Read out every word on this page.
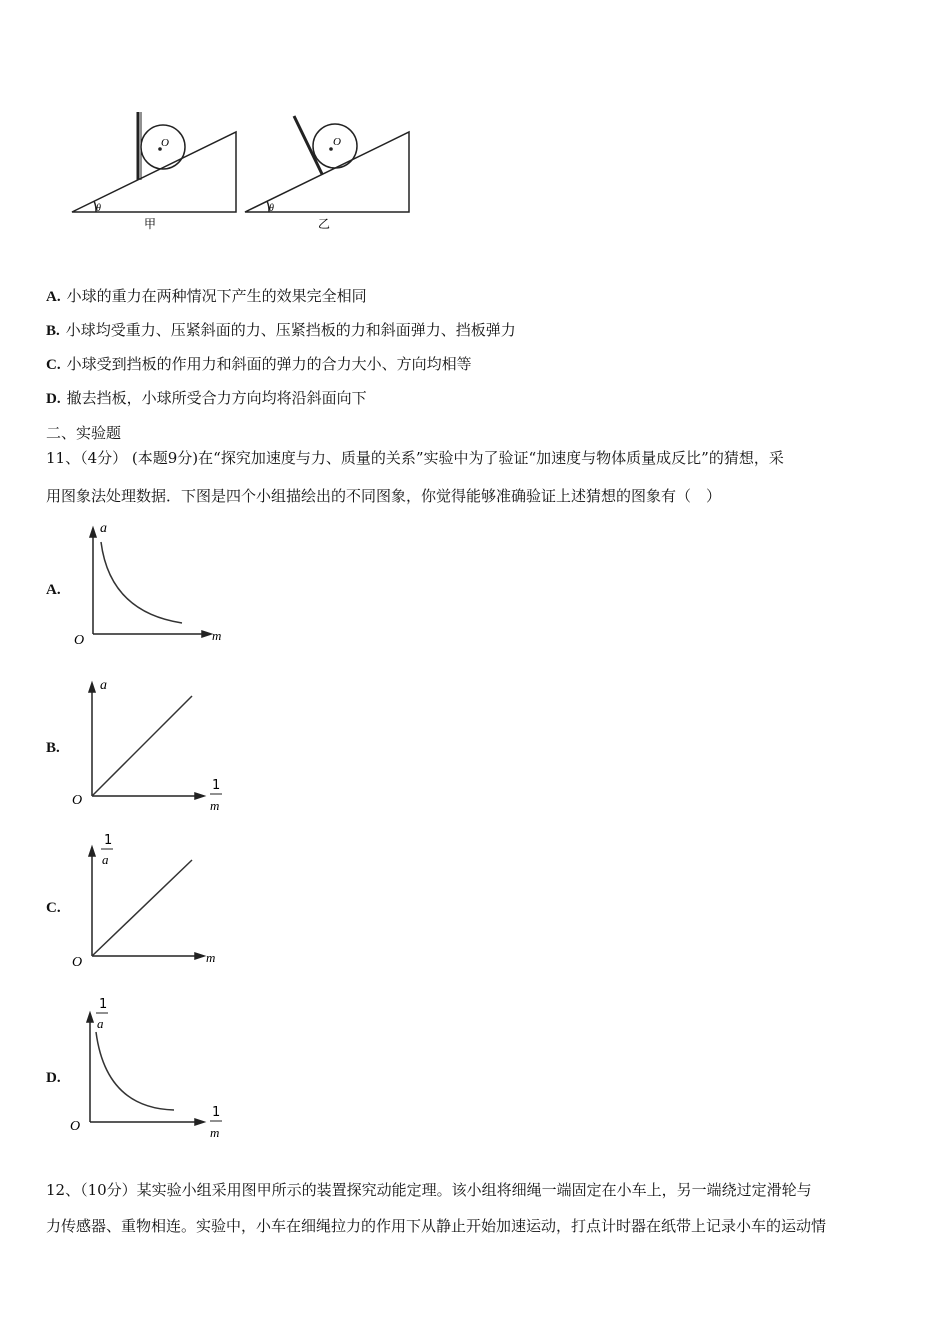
O
θ
甲
O
θ
乙
A. 小球的重力在两种情况下产生的效果完全相同
B. 小球均受重力、压紧斜面的力、压紧挡板的力和斜面弹力、挡板弹力
C. 小球受到挡板的作用力和斜面的弹力的合力大小、方向均相等
D. 撤去挡板，小球所受合力方向均将沿斜面向下
二、实验题
11、（4分） (本题9分)在“探究加速度与力、质量的关系”实验中为了验证“加速度与物体质量成反比”的猜想，采
用图象法处理数据．下图是四个小组描绘出的不同图象，你觉得能够准确验证上述猜想的图象有（　）
A.
a
m
O
B.
a
1
m
O
C.
1
a
m
O
D.
1
a
1
m
O
12、（10分）某实验小组采用图甲所示的装置探究动能定理。该小组将细绳一端固定在小车上，另一端绕过定滑轮与
力传感器、重物相连。实验中，小车在细绳拉力的作用下从静止开始加速运动，打点计时器在纸带上记录小车的运动情
